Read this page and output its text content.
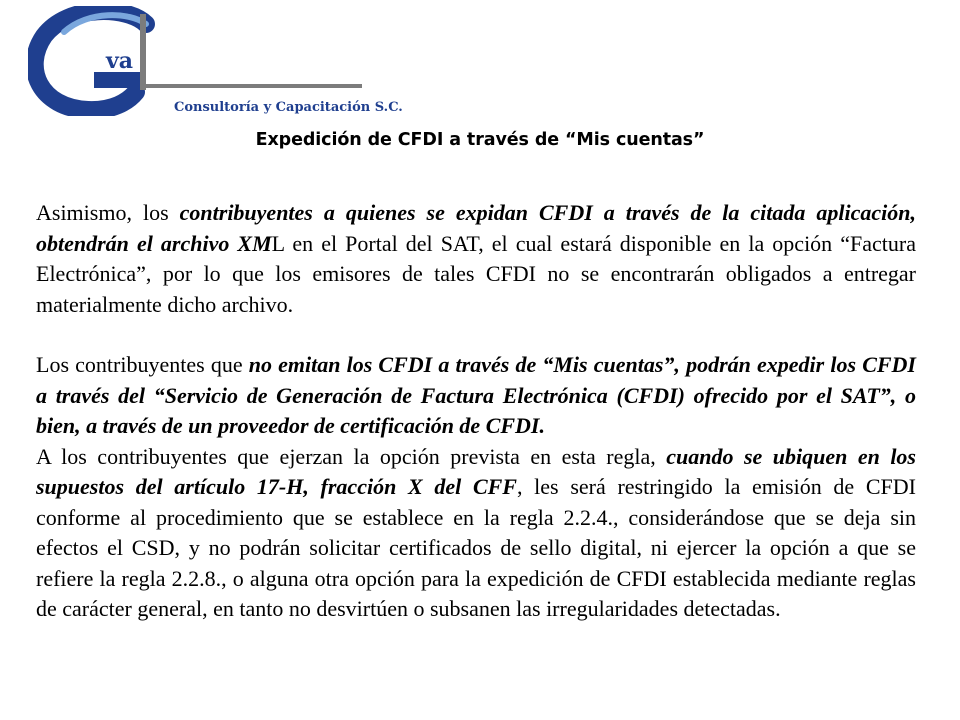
va
Consultoría y Capacitación S.C.
Expedición de CFDI a través de “Mis cuentas”

Asimismo, los contribuyentes a quienes se expidan CFDI a través de la citada aplicación, obtendrán el archivo XML en el Portal del SAT, el cual estará disponible en la opción “Factura Electrónica”, por lo que los emisores de tales CFDI no se encontrarán obligados a entregar materialmente dicho archivo.

Los contribuyentes que no emitan los CFDI a través de “Mis cuentas”, podrán expedir los CFDI a través del “Servicio de Generación de Factura Electrónica (CFDI) ofrecido por el SAT”, o bien, a través de un proveedor de certificación de CFDI.

A los contribuyentes que ejerzan la opción prevista en esta regla, cuando se ubiquen en los supuestos del artículo 17-H, fracción X del CFF, les será restringido la emisión de CFDI conforme al procedimiento que se establece en la regla 2.2.4., considerándose que se deja sin efectos el CSD, y no podrán solicitar certificados de sello digital, ni ejercer la opción a que se refiere la regla 2.2.8., o alguna otra opción para la expedición de CFDI establecida mediante reglas de carácter general, en tanto no desvirtúen o subsanen las irregularidades detectadas.
